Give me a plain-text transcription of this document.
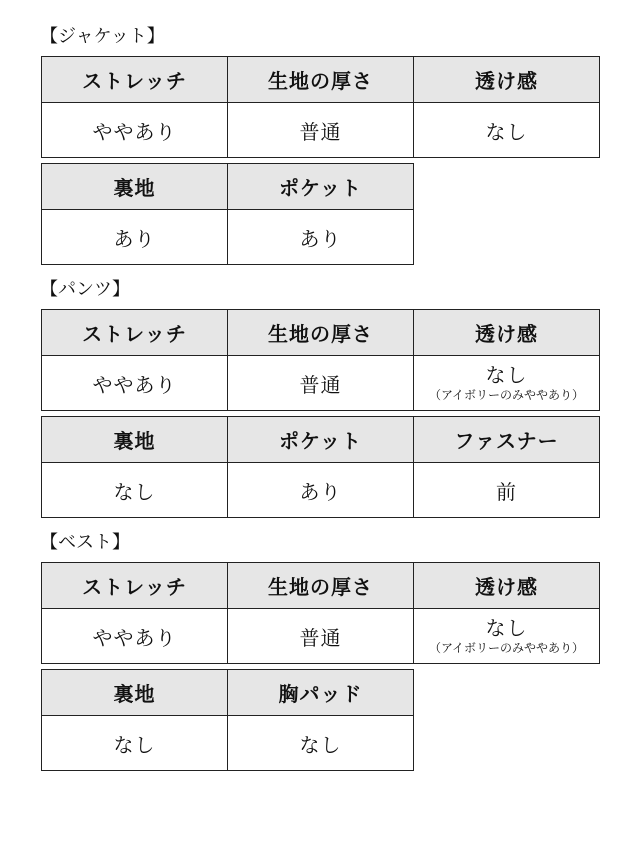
【ジャケット】
ストレッチ	生地の厚さ	透け感
ややあり	普通	なし
裏地	ポケット
あり	あり
【パンツ】
ストレッチ	生地の厚さ	透け感
ややあり	普通	なし
（アイボリーのみややあり）
裏地	ポケット	ファスナー
なし	あり	前
【ベスト】
ストレッチ	生地の厚さ	透け感
ややあり	普通	なし
（アイボリーのみややあり）
裏地	胸パッド
なし	なし
